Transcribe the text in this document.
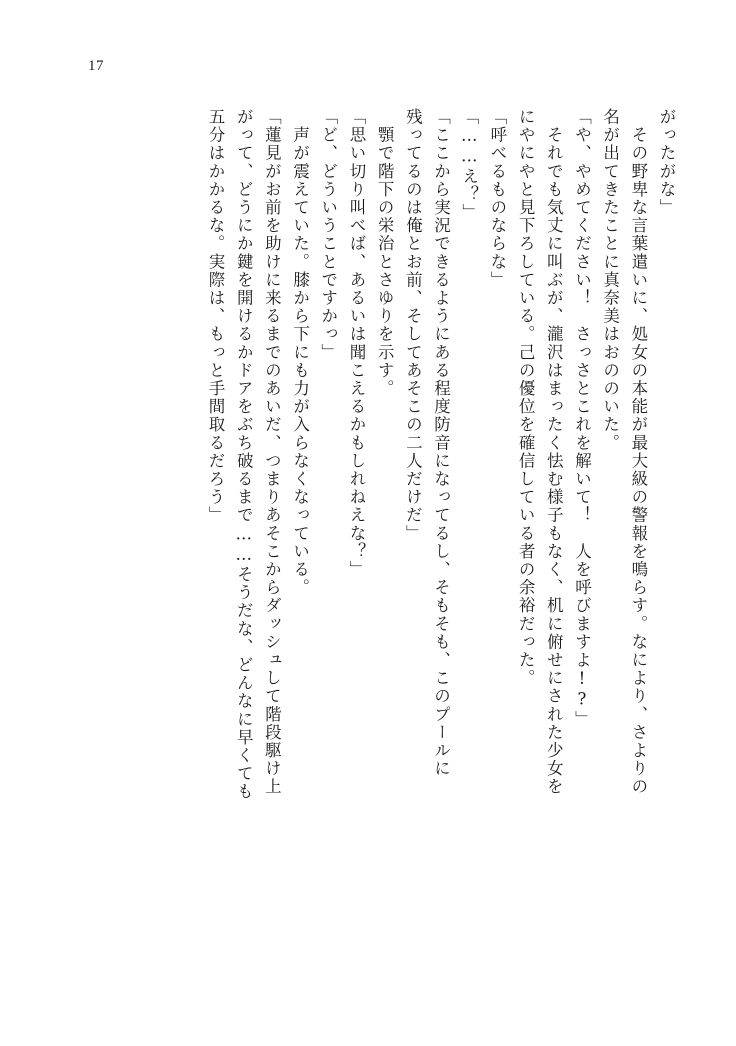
17
がったがな」
　その野卑な言葉遣いに、処女の本能が最大級の警報を鳴らす。なにより、さよりの
名が出てきたことに真奈美はおののいた。
「や、やめてください！　さっさとこれを解いて！　人を呼びますよ!?」
　それでも気丈に叫ぶが、瀧沢はまったく怯む様子もなく、机に俯せにされた少女を
にやにやと見下ろしている。己の優位を確信している者の余裕だった。
「呼べるものならな」
「……え？」
「ここから実況できるようにある程度防音になってるし、そもそも、このプールに
残ってるのは俺とお前、そしてあそこの二人だけだ」
　顎で階下の栄治とさゆりを示す。
「思い切り叫べば、あるいは聞こえるかもしれねえな？」
「ど、どういうことですかっ」
　声が震えていた。膝から下にも力が入らなくなっている。
「蓮見がお前を助けに来るまでのあいだ、つまりあそこからダッシュして階段駆け上
がって、どうにか鍵を開けるかドアをぶち破るまで……そうだな、どんなに早くても
五分はかかるな。実際は、もっと手間取るだろう」
